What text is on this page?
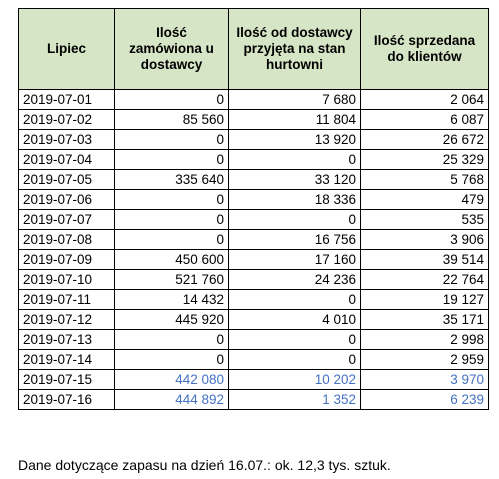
Lipiec	Ilość zamówiona u dostawcy	Ilość od dostawcy przyjęta na stan hurtowni	Ilość sprzedana do klientów
2019-07-01	0	7 680	2 064
2019-07-02	85 560	11 804	6 087
2019-07-03	0	13 920	26 672
2019-07-04	0	0	25 329
2019-07-05	335 640	33 120	5 768
2019-07-06	0	18 336	479
2019-07-07	0	0	535
2019-07-08	0	16 756	3 906
2019-07-09	450 600	17 160	39 514
2019-07-10	521 760	24 236	22 764
2019-07-11	14 432	0	19 127
2019-07-12	445 920	4 010	35 171
2019-07-13	0	0	2 998
2019-07-14	0	0	2 959
2019-07-15	442 080	10 202	3 970
2019-07-16	444 892	1 352	6 239
Dane dotyczące zapasu na dzień 16.07.: ok. 12,3 tys. sztuk.
